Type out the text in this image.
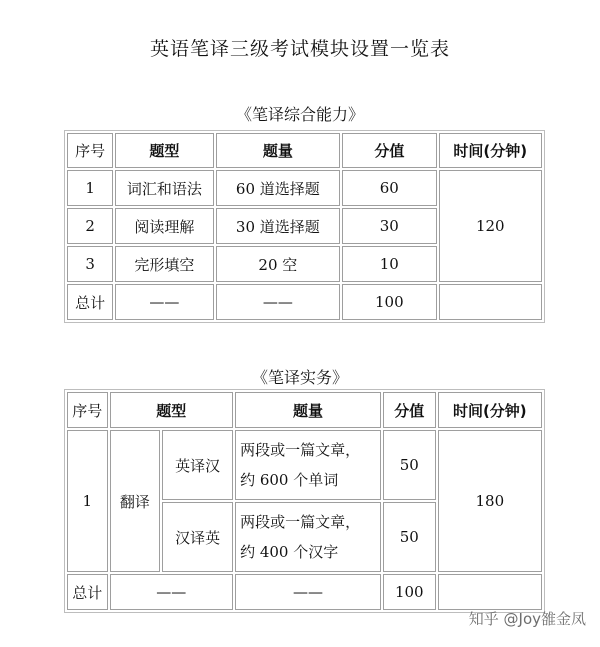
英语笔译三级考试模块设置一览表
《笔译综合能力》
序号	题型	题量	分值	时间(分钟)
1	词汇和语法	60 道选择题	60	120
2	阅读理解	30 道选择题	30	
3	完形填空	20 空	10	
总计	——	——	100	
《笔译实务》
序号	题型		题量	分值	时间(分钟)
1	翻译	英译汉	两段或一篇文章，
约 600 个单词	50	180
		汉译英	两段或一篇文章，
约 400 个汉字	50	
总计	——		——	100	
知乎 @Joy雒金凤
